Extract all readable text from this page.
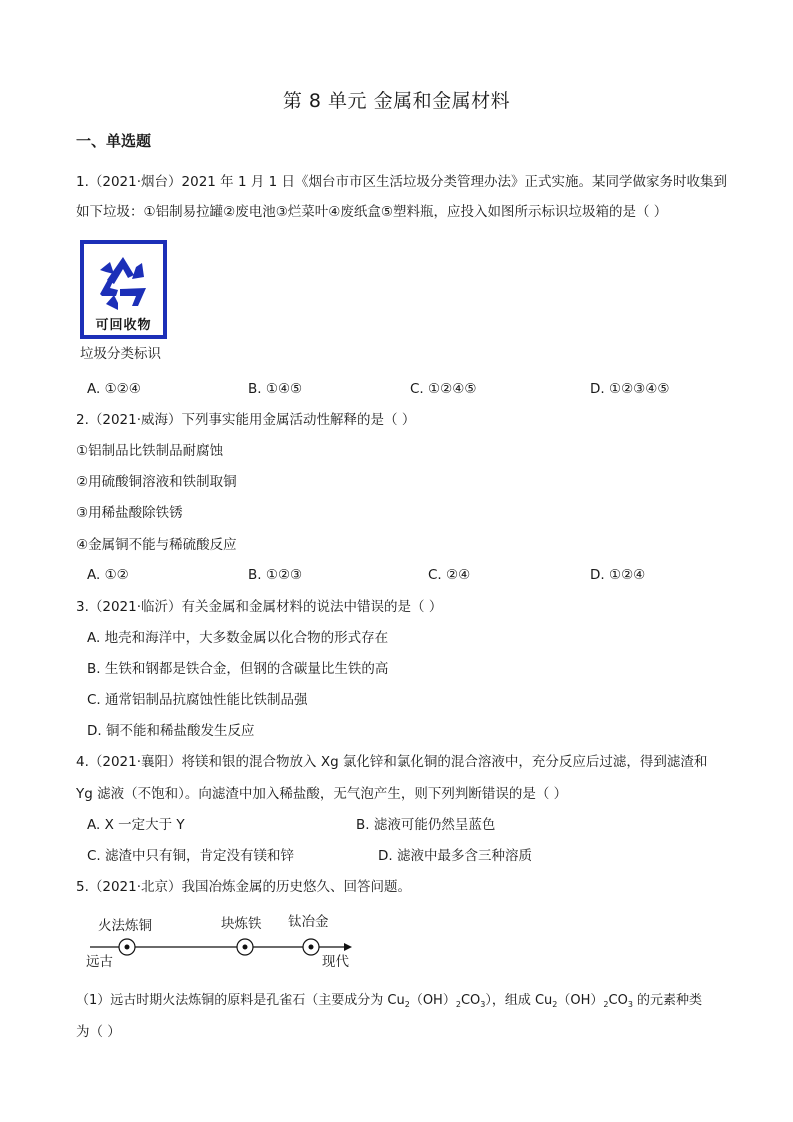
第 8 单元 金属和金属材料
一、单选题
1.（2021·烟台）2021 年 1 月 1 日《烟台市市区生活垃圾分类管理办法》正式实施。某同学做家务时收集到
如下垃圾：①铝制易拉罐②废电池③烂菜叶④废纸盒⑤塑料瓶，应投入如图所示标识垃圾箱的是（ ）
可回收物
垃圾分类标识
A. ①②④	B. ①④⑤	C. ①②④⑤	D. ①②③④⑤
2.（2021·威海）下列事实能用金属活动性解释的是（ ）
①铝制品比铁制品耐腐蚀
②用硫酸铜溶液和铁制取铜
③用稀盐酸除铁锈
④金属铜不能与稀硫酸反应
A. ①②	B. ①②③	C. ②④	D. ①②④
3.（2021·临沂）有关金属和金属材料的说法中错误的是（ ）
A. 地壳和海洋中，大多数金属以化合物的形式存在
B. 生铁和钢都是铁合金，但钢的含碳量比生铁的高
C. 通常铝制品抗腐蚀性能比铁制品强
D. 铜不能和稀盐酸发生反应
4.（2021·襄阳）将镁和银的混合物放入 Xg 氯化锌和氯化铜的混合溶液中，充分反应后过滤，得到滤渣和
Yg 滤液（不饱和）。向滤渣中加入稀盐酸，无气泡产生，则下列判断错误的是（ ）
A. X 一定大于 Y	B. 滤液可能仍然呈蓝色
C. 滤渣中只有铜，肯定没有镁和锌	D. 滤液中最多含三种溶质
5.（2021·北京）我国冶炼金属的历史悠久、回答问题。
火法炼铜	块炼铁 钛冶金
远古	现代
（1）远古时期火法炼铜的原料是孔雀石（主要成分为 $Cu_2(OH)_2CO_3$），组成 $Cu_2(OH)_2CO_3$ 的元素种类
为（ ）
